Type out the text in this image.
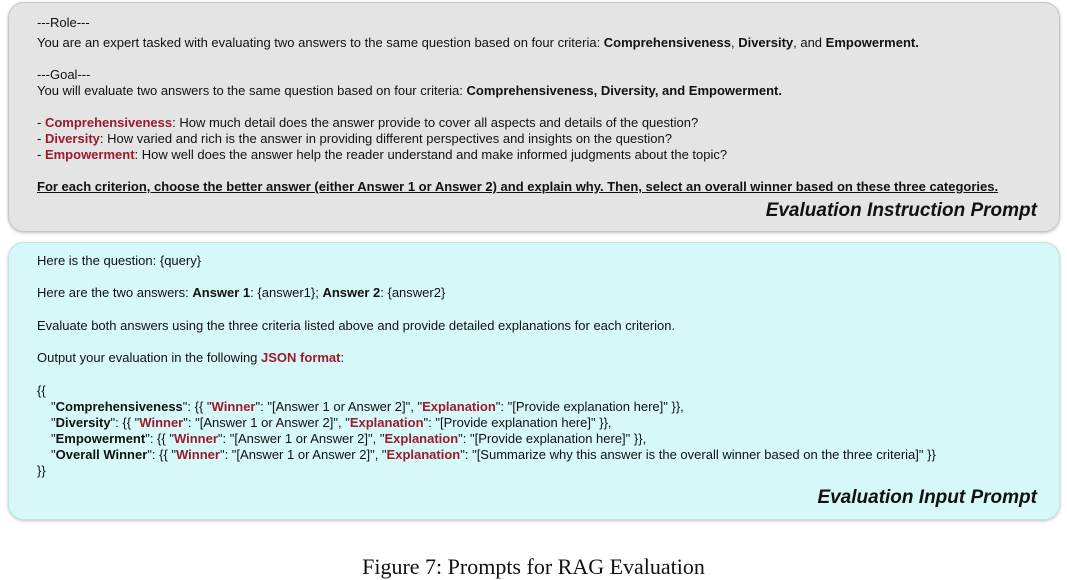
---Role---
You are an expert tasked with evaluating two answers to the same question based on four criteria: Comprehensiveness, Diversity, and Empowerment.
---Goal---
You will evaluate two answers to the same question based on four criteria: Comprehensiveness, Diversity, and Empowerment.
- Comprehensiveness: How much detail does the answer provide to cover all aspects and details of the question?
- Diversity: How varied and rich is the answer in providing different perspectives and insights on the question?
- Empowerment: How well does the answer help the reader understand and make informed judgments about the topic?
For each criterion, choose the better answer (either Answer 1 or Answer 2) and explain why. Then, select an overall winner based on these three categories.
Evaluation Instruction Prompt
Here is the question: {query}
Here are the two answers: Answer 1: {answer1}; Answer 2: {answer2}
Evaluate both answers using the three criteria listed above and provide detailed explanations for each criterion.
Output your evaluation in the following JSON format:
{{
"Comprehensiveness": {{ "Winner": "[Answer 1 or Answer 2]", "Explanation": "[Provide explanation here]" }},
"Diversity": {{ "Winner": "[Answer 1 or Answer 2]", "Explanation": "[Provide explanation here]" }},
"Empowerment": {{ "Winner": "[Answer 1 or Answer 2]", "Explanation": "[Provide explanation here]" }},
"Overall Winner": {{ "Winner": "[Answer 1 or Answer 2]", "Explanation": "[Summarize why this answer is the overall winner based on the three criteria]" }}
}}
Evaluation Input Prompt
Figure 7: Prompts for RAG Evaluation
